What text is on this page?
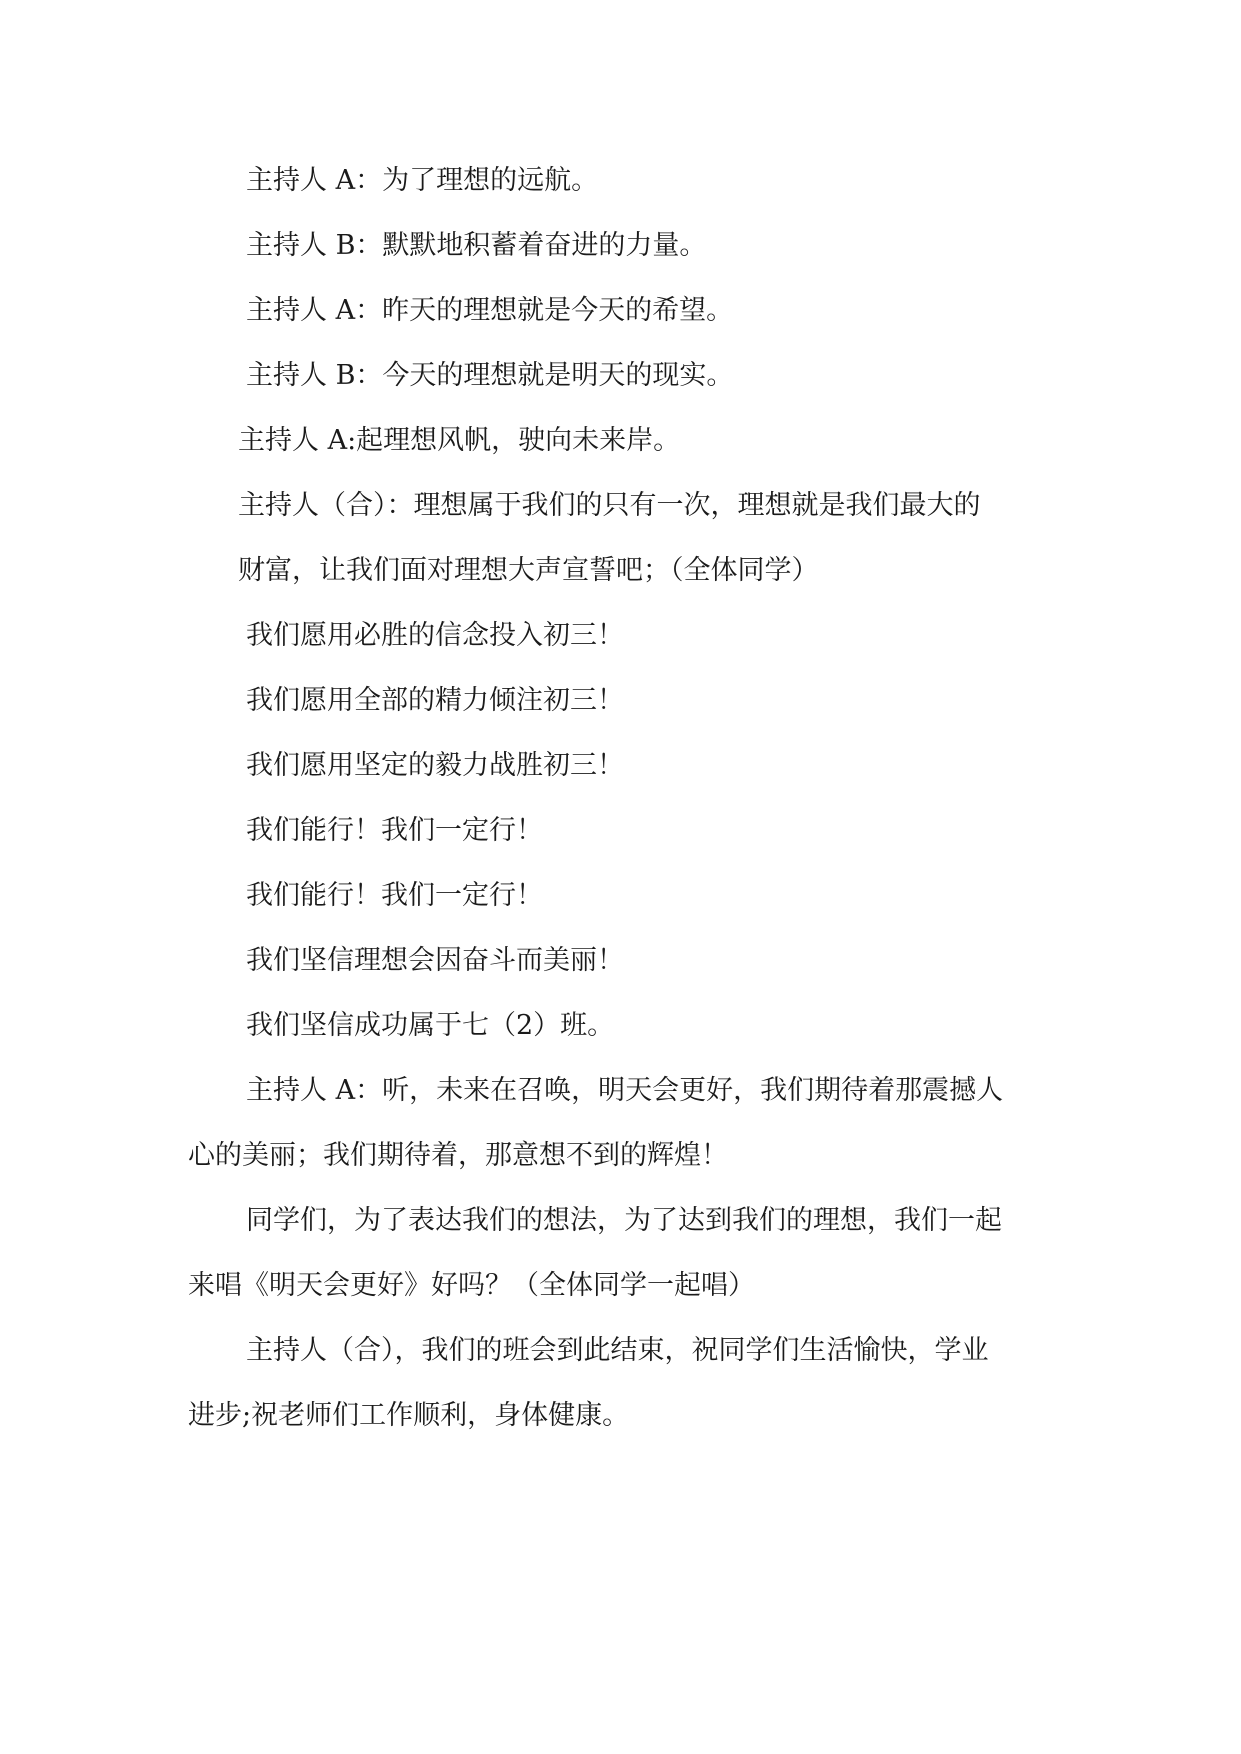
主持人 A：为了理想的远航。
主持人 B：默默地积蓄着奋进的力量。
主持人 A：昨天的理想就是今天的希望。
主持人 B：今天的理想就是明天的现实。
主持人 A:起理想风帆，驶向未来岸。
主持人（合）：理想属于我们的只有一次，理想就是我们最大的
财富，让我们面对理想大声宣誓吧；（全体同学）
我们愿用必胜的信念投入初三！
我们愿用全部的精力倾注初三！
我们愿用坚定的毅力战胜初三！
我们能行！我们一定行！
我们能行！我们一定行！
我们坚信理想会因奋斗而美丽！
我们坚信成功属于七（2）班。
主持人 A：听，未来在召唤，明天会更好，我们期待着那震撼人
心的美丽；我们期待着，那意想不到的辉煌！
同学们，为了表达我们的想法，为了达到我们的理想，我们一起
来唱《明天会更好》好吗？（全体同学一起唱）
主持人（合），我们的班会到此结束，祝同学们生活愉快，学业
进步;祝老师们工作顺利，身体健康。
